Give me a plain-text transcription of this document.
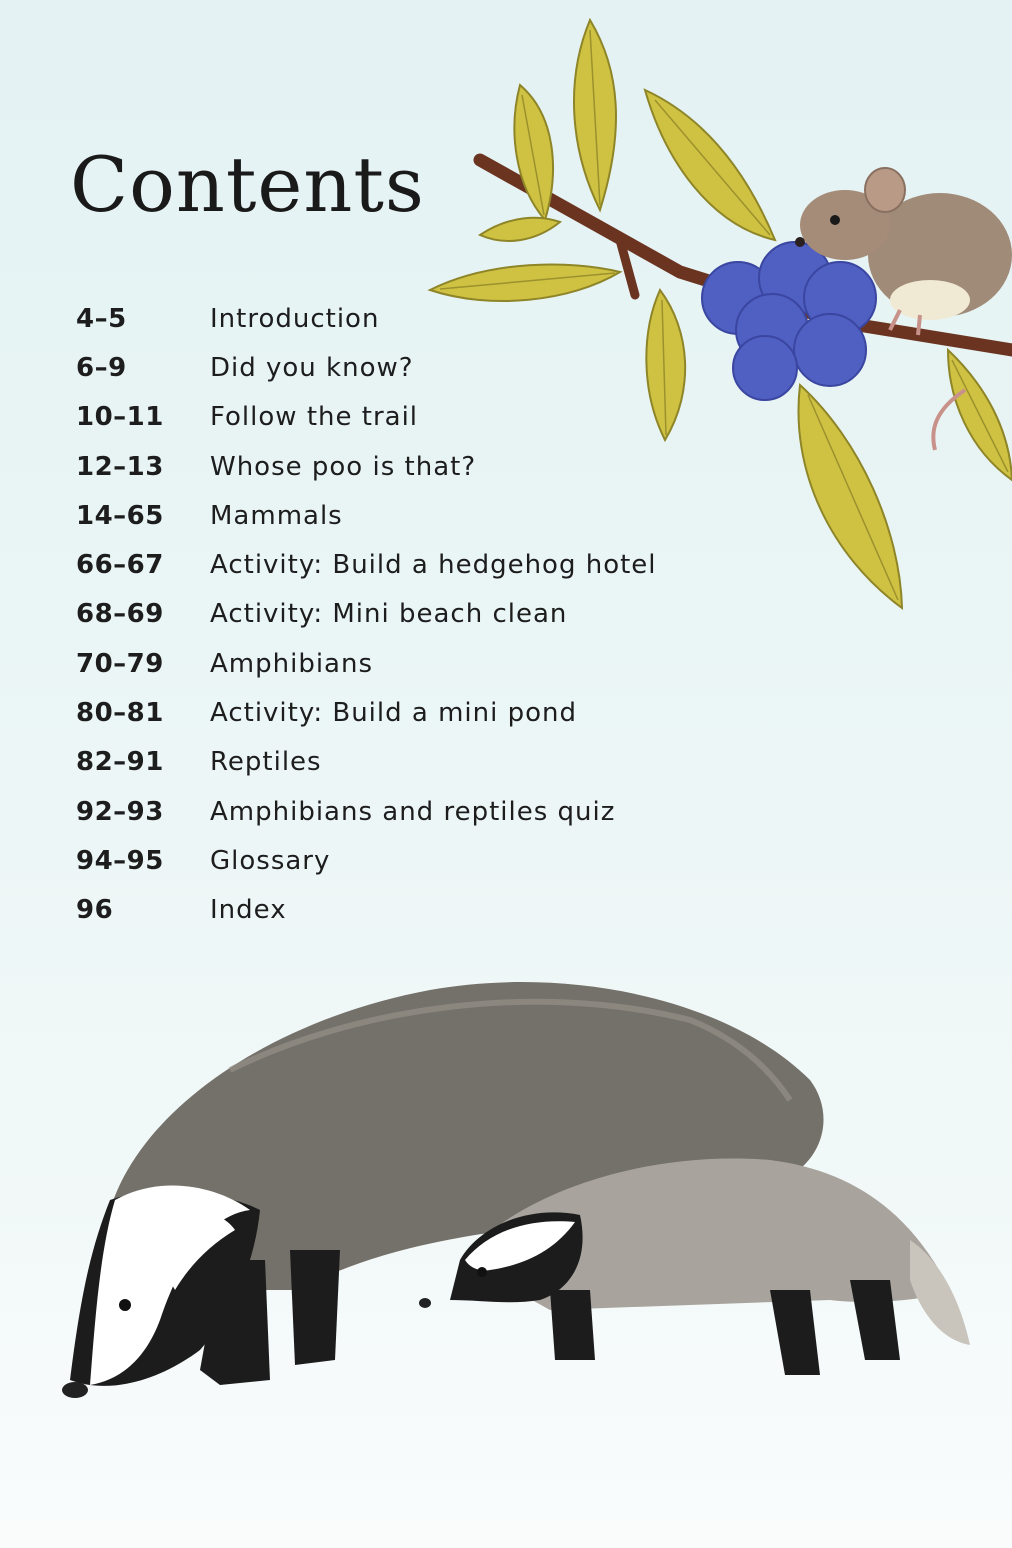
Contents
4–5	Introduction
6–9	Did you know?
10–11	Follow the trail
12–13	Whose poo is that?
14–65	Mammals
66–67	Activity: Build a hedgehog hotel
68–69	Activity: Mini beach clean
70–79	Amphibians
80–81	Activity: Build a mini pond
82–91	Reptiles
92–93	Amphibians and reptiles quiz
94–95	Glossary
96	Index
